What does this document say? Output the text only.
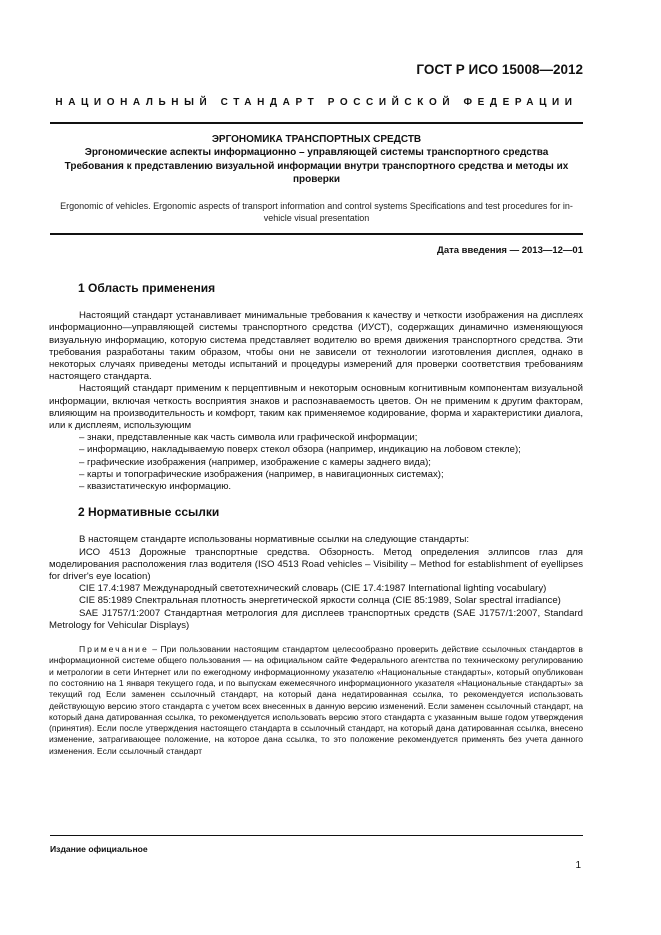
ГОСТ Р ИСО 15008—2012
НАЦИОНАЛЬНЫЙ СТАНДАРТ РОССИЙСКОЙ ФЕДЕРАЦИИ
ЭРГОНОМИКА ТРАНСПОРТНЫХ СРЕДСТВ
Эргономические аспекты информационно – управляющей системы транспортного средства
Требования к представлению визуальной информации внутри транспортного средства и методы их проверки
Ergonomic of vehicles. Ergonomic aspects of transport information and control systems Specifications and test procedures for in-vehicle visual presentation
Дата введения — 2013—12—01
1 Область применения

Настоящий стандарт устанавливает минимальные требования к качеству и четкости изображения на дисплеях информационно—управляющей системы транспортного средства (ИУСТ), содержащих динамично изменяющуюся визуальную информацию, которую система представляет водителю во время движения транспортного средства. Эти требования разработаны таким образом, чтобы они не зависели от технологии изготовления дисплея, однако в некоторых случаях приведены методы испытаний и процедуры измерений для проверки соответствия требованиям настоящего стандарта.

Настоящий стандарт применим к перцептивным и некоторым основным когнитивным компонентам визуальной информации, включая четкость восприятия знаков и распознаваемость цветов. Он не применим к другим факторам, влияющим на производительность и комфорт, таким как применяемое кодирование, форма и характеристики диалога, или к дисплеям, использующим

– знаки, представленные как часть символа или графической информации;

– информацию, накладываемую поверх стекол обзора (например, индикацию на лобовом стекле);

– графические изображения (например, изображение с камеры заднего вида);

– карты и топографические изображения (например, в навигационных системах);

– квазистатическую информацию.

2 Нормативные ссылки

В настоящем стандарте использованы нормативные ссылки на следующие стандарты:

ИСО 4513 Дорожные транспортные средства. Обзорность. Метод определения эллипсов глаз для моделирования расположения глаз водителя (ISO 4513 Road vehicles – Visibility – Method for establishment of eyellipses for driver's eye location)

CIE 17.4:1987 Международный светотехнический словарь (CIE 17.4:1987 International lighting vocabulary)

CIE 85:1989 Спектральная плотность энергетической яркости солнца (CIE 85:1989, Solar spectral irradiance)

SAE J1757/1:2007 Стандартная метрология для дисплеев транспортных средств (SAE J1757/1:2007, Standard Metrology for Vehicular Displays)

Примечание – При пользовании настоящим стандартом целесообразно проверить действие ссылочных стандартов в информационной системе общего пользования — на официальном сайте Федерального агентства по техническому регулированию и метрологии в сети Интернет или по ежегодному информационному указателю «Национальные стандарты», который опубликован по состоянию на 1 января текущего года, и по выпускам ежемесячного информационного указателя «Национальные стандарты» за текущий год Если заменен ссылочный стандарт, на который дана недатированная ссылка, то рекомендуется использовать действующую версию этого стандарта с учетом всех внесенных в данную версию изменений. Если заменен ссылочный стандарт, на который дана датированная ссылка, то рекомендуется использовать версию этого стандарта с указанным выше годом утверждения (принятия). Если после утверждения настоящего стандарта в ссылочный стандарт, на который дана датированная ссылка, внесено изменение, затрагивающее положение, на которое дана ссылка, то это положение рекомендуется применять без учета данного изменения. Если ссылочный стандарт

Издание официальное
1
